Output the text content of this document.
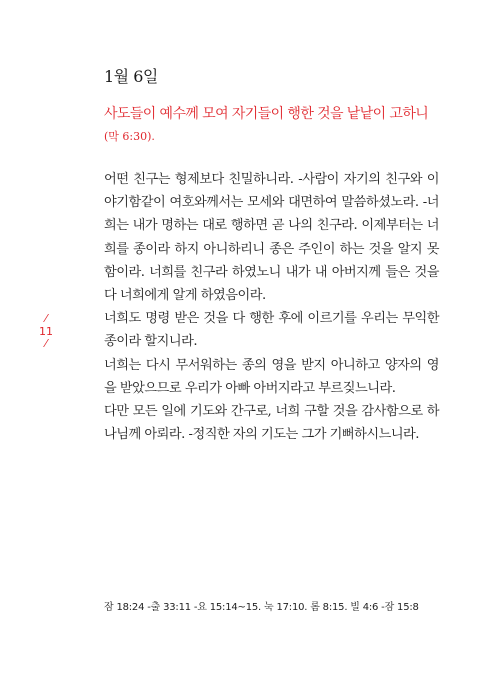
1월 6일
사도들이 예수께 모여 자기들이 행한 것을 낱낱이 고하니
(막 6:30).

어떤 친구는 형제보다 친밀하니라. -사람이 자기의 친구와 이야기함같이 여호와께서는 모세와 대면하여 말씀하셨노라. -너희는 내가 명하는 대로 행하면 곧 나의 친구라. 이제부터는 너희를 종이라 하지 아니하리니 종은 주인이 하는 것을 알지 못함이라. 너희를 친구라 하였노니 내가 내 아버지께 들은 것을 다 너희에게 알게 하였음이라.

너희도 명령 받은 것을 다 행한 후에 이르기를 우리는 무익한 종이라 할지니라.

너희는 다시 무서워하는 종의 영을 받지 아니하고 양자의 영을 받았으므로 우리가 아빠 아버지라고 부르짖느니라.

다만 모든 일에 기도와 간구로, 너희 구할 것을 감사함으로 하나님께 아뢰라. -정직한 자의 기도는 그가 기뻐하시느니라.

⁄
11
⁄
잠 18:24 -출 33:11 -요 15:14~15. 눅 17:10. 롬 8:15. 빌 4:6 -잠 15:8
